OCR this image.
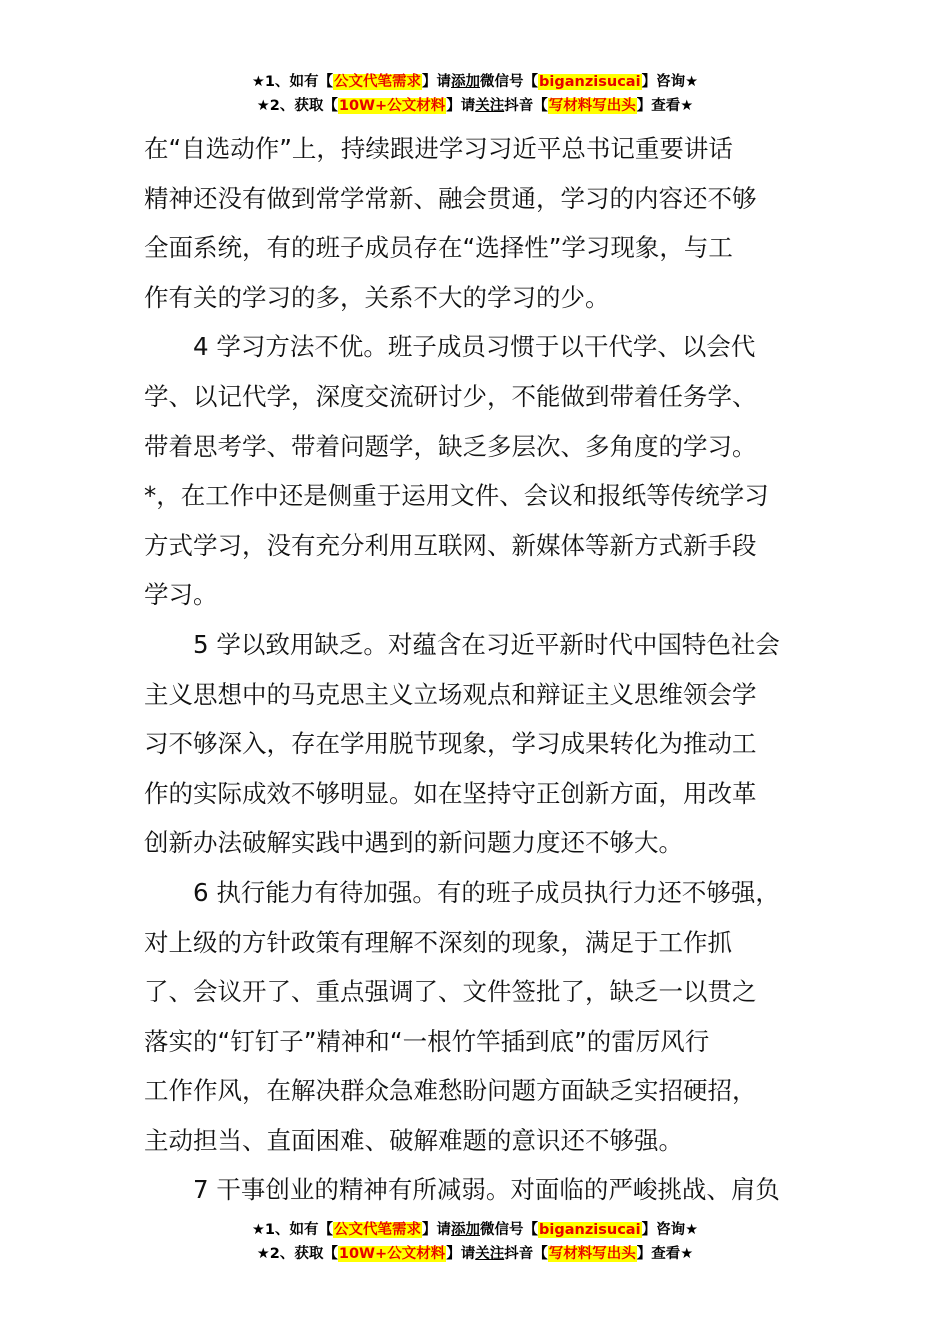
★1、如有【公文代笔需求】请添加微信号【biganzisucai】咨询★
★2、获取【10W+公文材料】请关注抖音【写材料写出头】查看★
在“自选动作”上，持续跟进学习习近平总书记重要讲话
精神还没有做到常学常新、融会贯通，学习的内容还不够
全面系统，有的班子成员存在“选择性”学习现象，与工
作有关的学习的多，关系不大的学习的少。
4 学习方法不优。班子成员习惯于以干代学、以会代
学、以记代学，深度交流研讨少，不能做到带着任务学、
带着思考学、带着问题学，缺乏多层次、多角度的学习。
*，在工作中还是侧重于运用文件、会议和报纸等传统学习
方式学习，没有充分利用互联网、新媒体等新方式新手段
学习。
5 学以致用缺乏。对蕴含在习近平新时代中国特色社会
主义思想中的马克思主义立场观点和辩证主义思维领会学
习不够深入，存在学用脱节现象，学习成果转化为推动工
作的实际成效不够明显。如在坚持守正创新方面，用改革
创新办法破解实践中遇到的新问题力度还不够大。
6 执行能力有待加强。有的班子成员执行力还不够强，
对上级的方针政策有理解不深刻的现象，满足于工作抓
了、会议开了、重点强调了、文件签批了，缺乏一以贯之
落实的“钉钉子”精神和“一根竹竿插到底”的雷厉风行
工作作风，在解决群众急难愁盼问题方面缺乏实招硬招，
主动担当、直面困难、破解难题的意识还不够强。
7 干事创业的精神有所减弱。对面临的严峻挑战、肩负
★1、如有【公文代笔需求】请添加微信号【biganzisucai】咨询★
★2、获取【10W+公文材料】请关注抖音【写材料写出头】查看★
